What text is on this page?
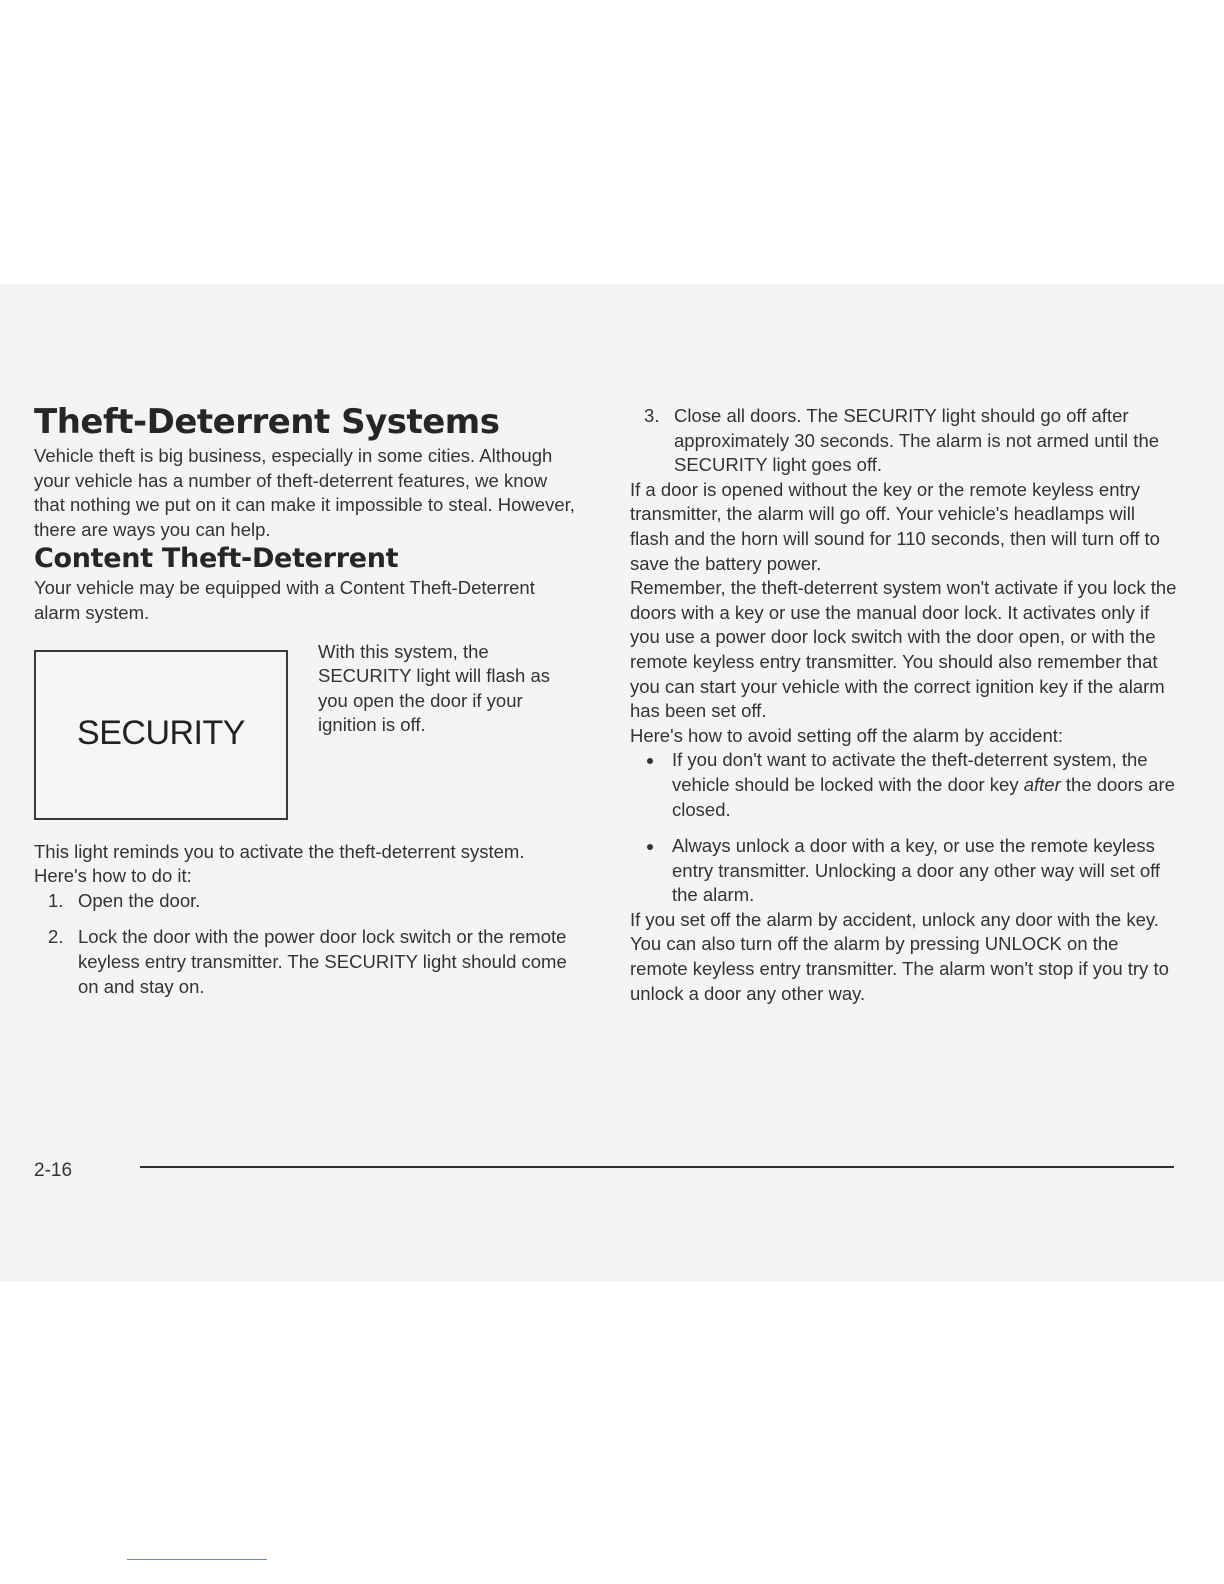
Theft-Deterrent Systems

Vehicle theft is big business, especially in some cities. Although your vehicle has a number of theft-deterrent features, we know that nothing we put on it can make it impossible to steal. However, there are ways you can help.

Content Theft-Deterrent

Your vehicle may be equipped with a Content Theft-Deterrent alarm system.

SECURITY

With this system, the SECURITY light will flash as you open the door if your ignition is off.

This light reminds you to activate the theft-deterrent system. Here's how to do it:

1. Open the door.
2. Lock the door with the power door lock switch or the remote keyless entry transmitter. The SECURITY light should come on and stay on.
3. Close all doors. The SECURITY light should go off after approximately 30 seconds. The alarm is not armed until the SECURITY light goes off.

If a door is opened without the key or the remote keyless entry transmitter, the alarm will go off. Your vehicle's headlamps will flash and the horn will sound for 110 seconds, then will turn off to save the battery power.

Remember, the theft-deterrent system won't activate if you lock the doors with a key or use the manual door lock. It activates only if you use a power door lock switch with the door open, or with the remote keyless entry transmitter. You should also remember that you can start your vehicle with the correct ignition key if the alarm has been set off.

Here's how to avoid setting off the alarm by accident:

If you don't want to activate the theft-deterrent system, the vehicle should be locked with the door key after the doors are closed.
Always unlock a door with a key, or use the remote keyless entry transmitter. Unlocking a door any other way will set off the alarm.

If you set off the alarm by accident, unlock any door with the key. You can also turn off the alarm by pressing UNLOCK on the remote keyless entry transmitter. The alarm won't stop if you try to unlock a door any other way.

2-16
